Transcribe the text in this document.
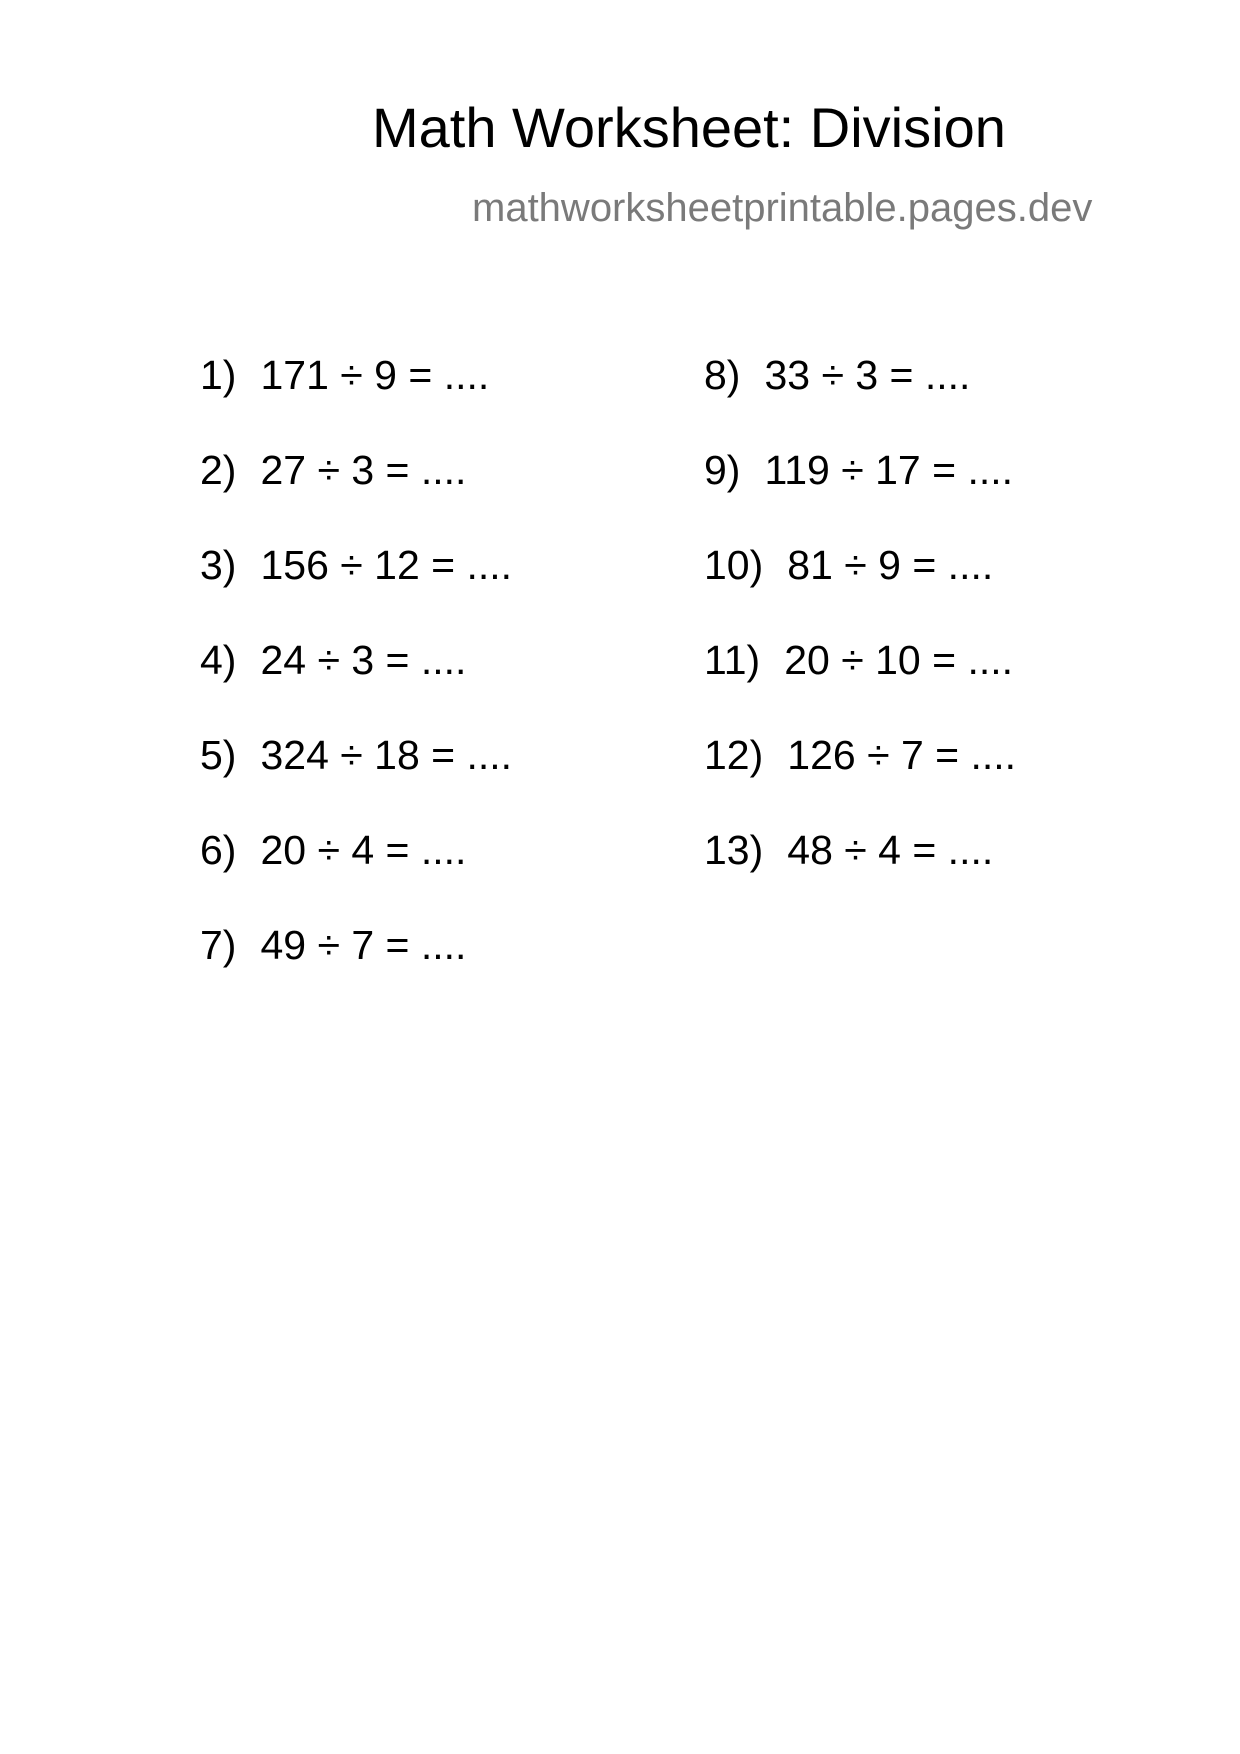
Math Worksheet: Division
mathworksheetprintable.pages.dev
1) 171 ÷ 9 = ....
2) 27 ÷ 3 = ....
3) 156 ÷ 12 = ....
4) 24 ÷ 3 = ....
5) 324 ÷ 18 = ....
6) 20 ÷ 4 = ....
7) 49 ÷ 7 = ....
8) 33 ÷ 3 = ....
9) 119 ÷ 17 = ....
10) 81 ÷ 9 = ....
11) 20 ÷ 10 = ....
12) 126 ÷ 7 = ....
13) 48 ÷ 4 = ....
